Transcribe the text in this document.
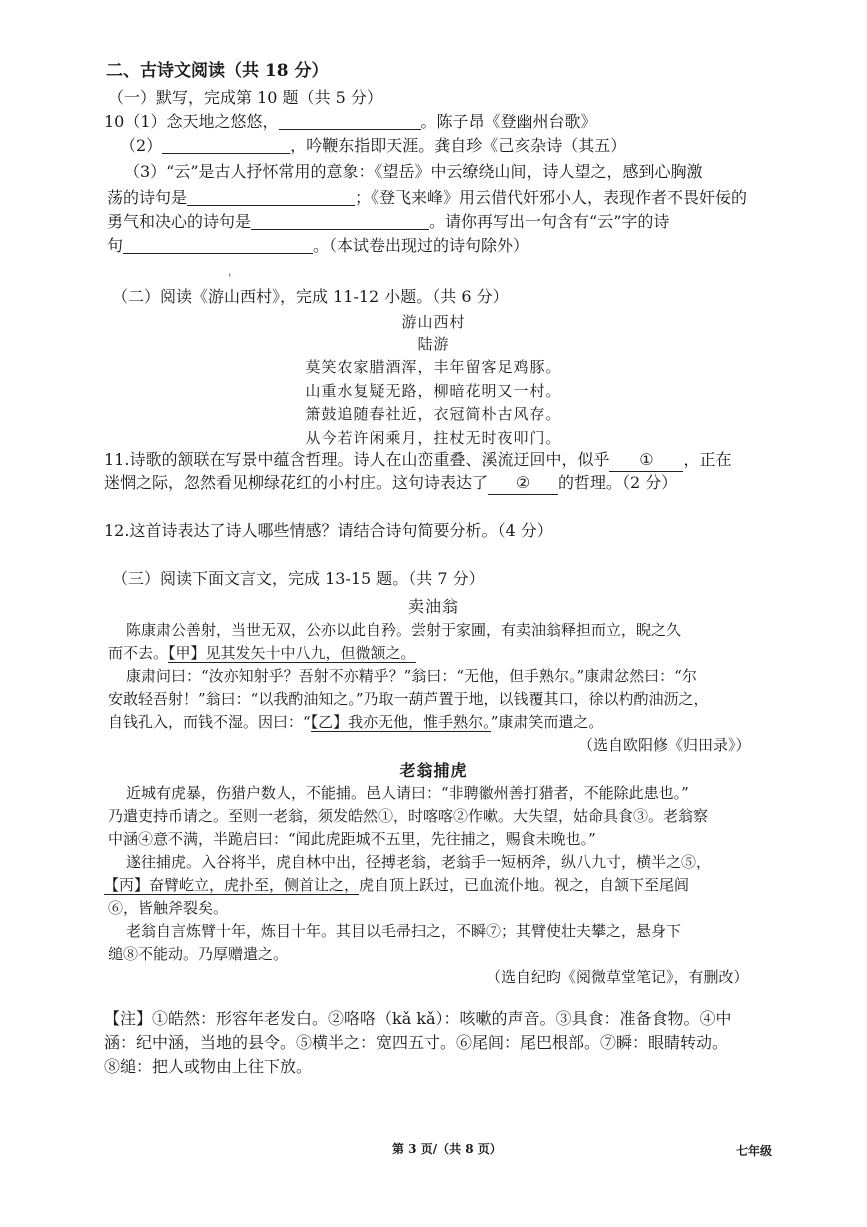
二、古诗文阅读（共 18 分）
（一）默写，完成第 10 题（共 5 分）
10（1）念天地之悠悠，	。陈子昂《登幽州台歌》
（2）	，吟鞭东指即天涯。龚自珍《己亥杂诗（其五）
（3）“云”是古人抒怀常用的意象：《望岳》中云缭绕山间，诗人望之，感到心胸激
荡的诗句是	；《登飞来峰》用云借代奸邪小人，表现作者不畏奸佞的
勇气和决心的诗句是	。请你再写出一句含有“云”字的诗
句	。（本试卷出现过的诗句除外）
ˌ
（二）阅读《游山西村》，完成 11-12 小题。（共 6 分）
游山西村
陆游
莫笑农家腊酒浑，丰年留客足鸡豚。
山重水复疑无路，柳暗花明又一村。
箫鼓追随春社近，衣冠简朴古风存。
从今若许闲乘月，拄杖无时夜叩门。
11.诗歌的颔联在写景中蕴含哲理。诗人在山峦重叠、溪流迂回中，似乎 ① ，正在
迷惘之际，忽然看见柳绿花红的小村庄。这句诗表达了 ② 的哲理。（2 分）
12.这首诗表达了诗人哪些情感？请结合诗句简要分析。（4 分）
（三）阅读下面文言文，完成 13-15 题。（共 7 分）
卖油翁
陈康肃公善射，当世无双，公亦以此自矜。尝射于家圃，有卖油翁释担而立，睨之久
而不去。【甲】见其发矢十中八九，但微颔之。
康肃问曰：“汝亦知射乎？吾射不亦精乎？”翁曰：“无他，但手熟尔。”康肃忿然曰：“尔
安敢轻吾射！”翁曰：“以我酌油知之。”乃取一葫芦置于地，以钱覆其口，徐以杓酌油沥之，
自钱孔入，而钱不湿。因曰：“【乙】我亦无他，惟手熟尔。”康肃笑而遣之。
（选自欧阳修《归田录》）
老翁捕虎
近城有虎暴，伤猎户数人，不能捕。邑人请曰：“非聘徽州善打猎者，不能除此患也。”
乃遣吏持币请之。至则一老翁，须发皓然①，时喀喀②作嗽。大失望，姑命具食③。老翁察
中涵④意不满，半跪启曰：“闻此虎距城不五里，先往捕之，赐食未晚也。”
遂往捕虎。入谷将半，虎自林中出，径搏老翁，老翁手一短柄斧，纵八九寸，横半之⑤，
【丙】奋臂屹立，虎扑至，侧首让之，虎自顶上跃过，已血流仆地。视之，自颔下至尾闾
⑥，皆触斧裂矣。
老翁自言炼臂十年，炼目十年。其目以毛帚扫之，不瞬⑦；其臂使壮夫攀之，悬身下
缒⑧不能动。乃厚赠遣之。
（选自纪昀《阅微草堂笔记》，有删改）
【注】①皓然：形容年老发白。②咯咯（kǎ kǎ）：咳嗽的声音。③具食：准备食物。④中
涵：纪中涵，当地的县令。⑤横半之：宽四五寸。⑥尾闾：尾巴根部。⑦瞬：眼睛转动。
⑧缒：把人或物由上往下放。
第 3 页/（共 8 页）	七年级
